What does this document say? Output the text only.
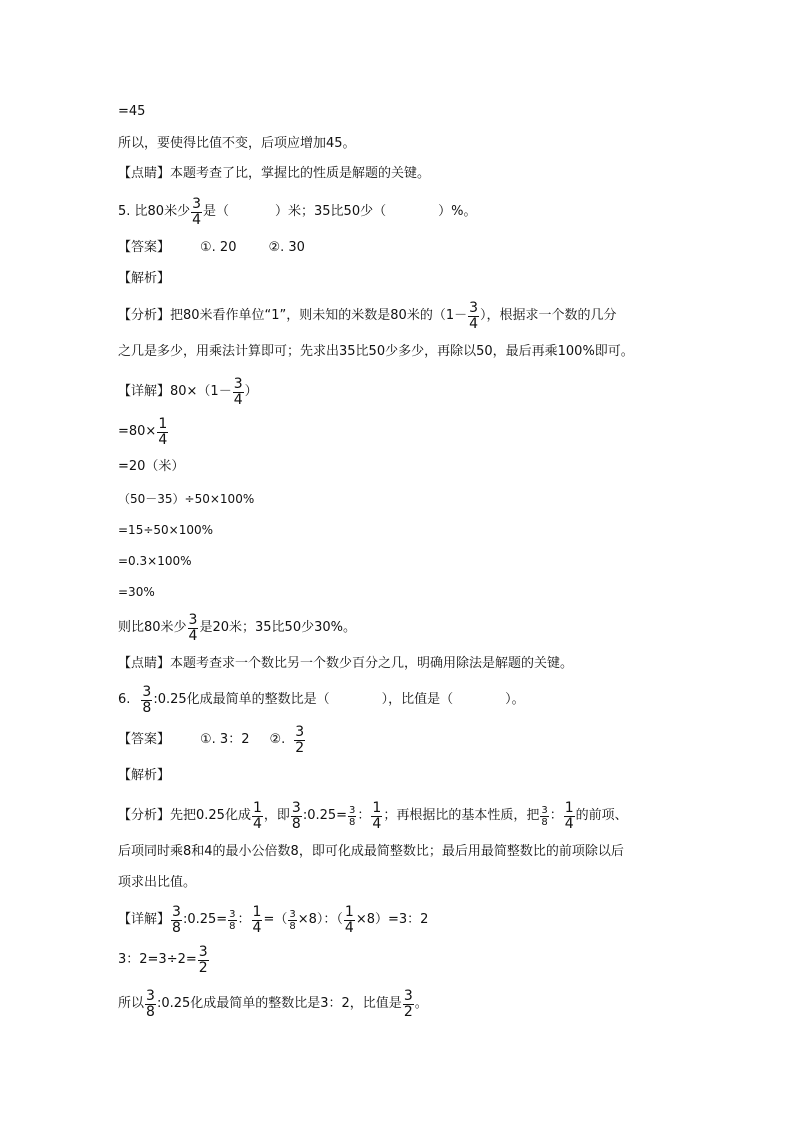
=45
所以，要使得比值不变，后项应增加45。
【点睛】本题考查了比，掌握比的性质是解题的关键。
5. 比80米少 $\frac{3}{4}$ 是（	）米；35比50少（	）%。
【答案】 ①. 20 ②. 30
【解析】
【分析】把80米看作单位“1”，则未知的米数是80米的（$1- \frac{3}{4}$ ），根据求一个数的几分
之几是多少，用乘法计算即可；先求出35比50少多少，再除以50，最后再乘100%即可。
【详解】$80\times(1- \frac{3}{4}$ ）
$=80\times \frac{1}{4}$
=20（米）
（50－35）÷50×100%
=15÷50×100%
=0.3×100%
=30%
则比80米少 $\frac{3}{4}$ 是20米；35比50少30%。
【点睛】本题考查求一个数比另一个数少百分之几，明确用除法是解题的关键。
6. $\frac{3}{8}$ :0.25化成最简单的整数比是（	），比值是（	）。
【答案】 ①. 3：2 ②. $\frac{3}{2}$
【解析】
【分析】先把0.25化成 $\frac{1}{4}$ ，即 $\frac{3}{8}$ :0.25= $\frac{3}{8}$ ： $\frac{1}{4}$ ；再根据比的基本性质，把 $\frac{3}{8}$ ： $\frac{1}{4}$ 的前项、
后项同时乘8和4的最小公倍数8，即可化成最简整数比；最后用最简整数比的前项除以后
项求出比值。
【详解】 $\frac{3}{8}$ :0.25= $\frac{3}{8}$ ： $\frac{1}{4}$ =（ $\frac{3}{8} \times 8$）：（ $\frac{1}{4} \times 8)=3$：2
3：$2=3\div 2= \frac{3}{2}$
所以 $\frac{3}{8}$ :0.25化成最简单的整数比是3：2，比值是 $\frac{3}{2}$ 。
